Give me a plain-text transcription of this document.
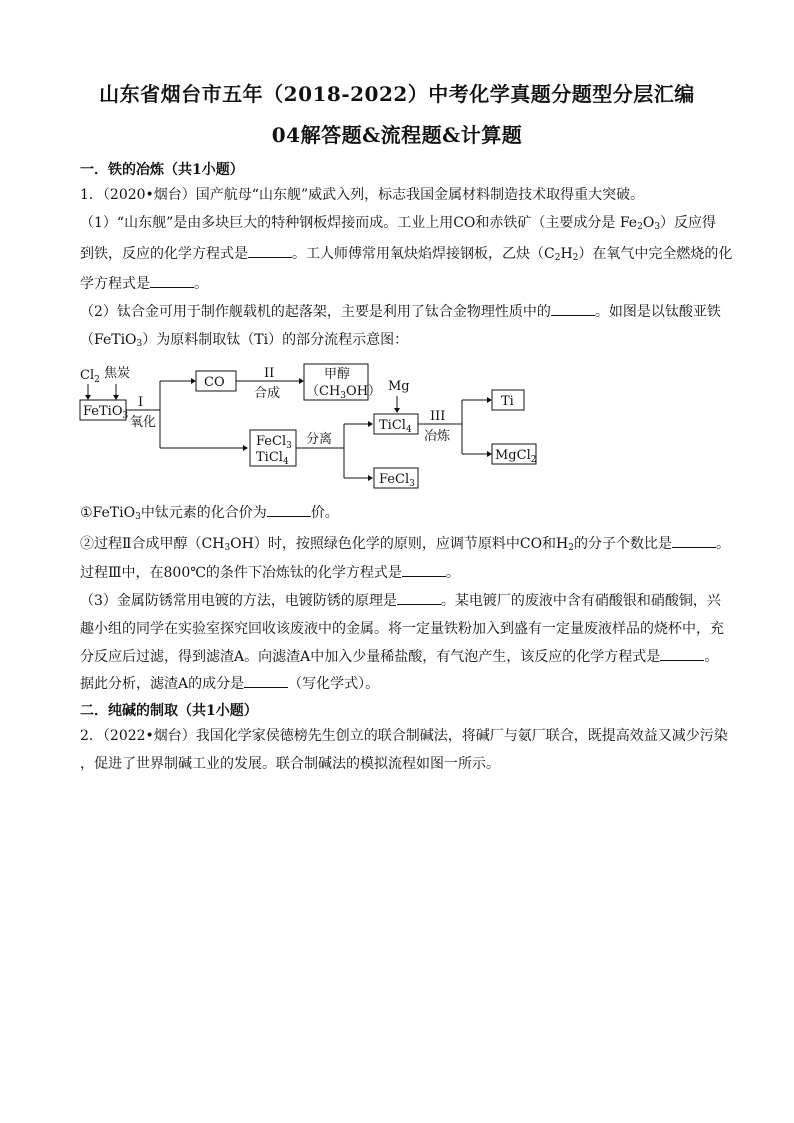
山东省烟台市五年（2018-2022）中考化学真题分题型分层汇编
04解答题&流程题&计算题
一．铁的冶炼（共1小题）
1．（2020•烟台）国产航母“山东舰”威武入列，标志我国金属材料制造技术取得重大突破。
（1）“山东舰”是由多块巨大的特种钢板焊接而成。工业上用CO和赤铁矿（主要成分是 $Fe_2O_3$）反应得
到铁，反应的化学方程式是	。工人师傅常用氧炔焰焊接钢板，乙炔$(C_2H_2)$在氧气中完全燃烧的化
学方程式是	。
（2）钛合金可用于制作舰载机的起落架，主要是利用了钛合金物理性质中的	。如图是以钛酸亚铁
（FeTiO$_3$）为原料制取钛（Ti）的部分流程示意图：
$Cl_2$ 焦炭
FeTiO$_3$
I
氧化
CO
II
合成
甲醇
$(CH_3OH)$
FeCl$_3$
TiCl$_4$
分离
Mg
TiCl$_4$
III
冶炼
Ti
MgCl$_2$
FeCl$_3$
①FeTiO$_3$中钛元素的化合价为	价。
②过程Ⅱ合成甲醇$(CH_3OH)$时，按照绿色化学的原则，应调节原料中CO和$H_2$的分子个数比是	。
过程Ⅲ中，在800℃的条件下冶炼钛的化学方程式是	。
（3）金属防锈常用电镀的方法，电镀防锈的原理是	。某电镀厂的废液中含有硝酸银和硝酸铜，兴
趣小组的同学在实验室探究回收该废液中的金属。将一定量铁粉加入到盛有一定量废液样品的烧杯中，充
分反应后过滤，得到滤渣A。向滤渣A中加入少量稀盐酸，有气泡产生，该反应的化学方程式是	。
据此分析，滤渣A的成分是	（写化学式）。
二．纯碱的制取（共1小题）
2．（2022•烟台）我国化学家侯德榜先生创立的联合制碱法，将碱厂与氨厂联合，既提高效益又减少污染
，促进了世界制碱工业的发展。联合制碱法的模拟流程如图一所示。
